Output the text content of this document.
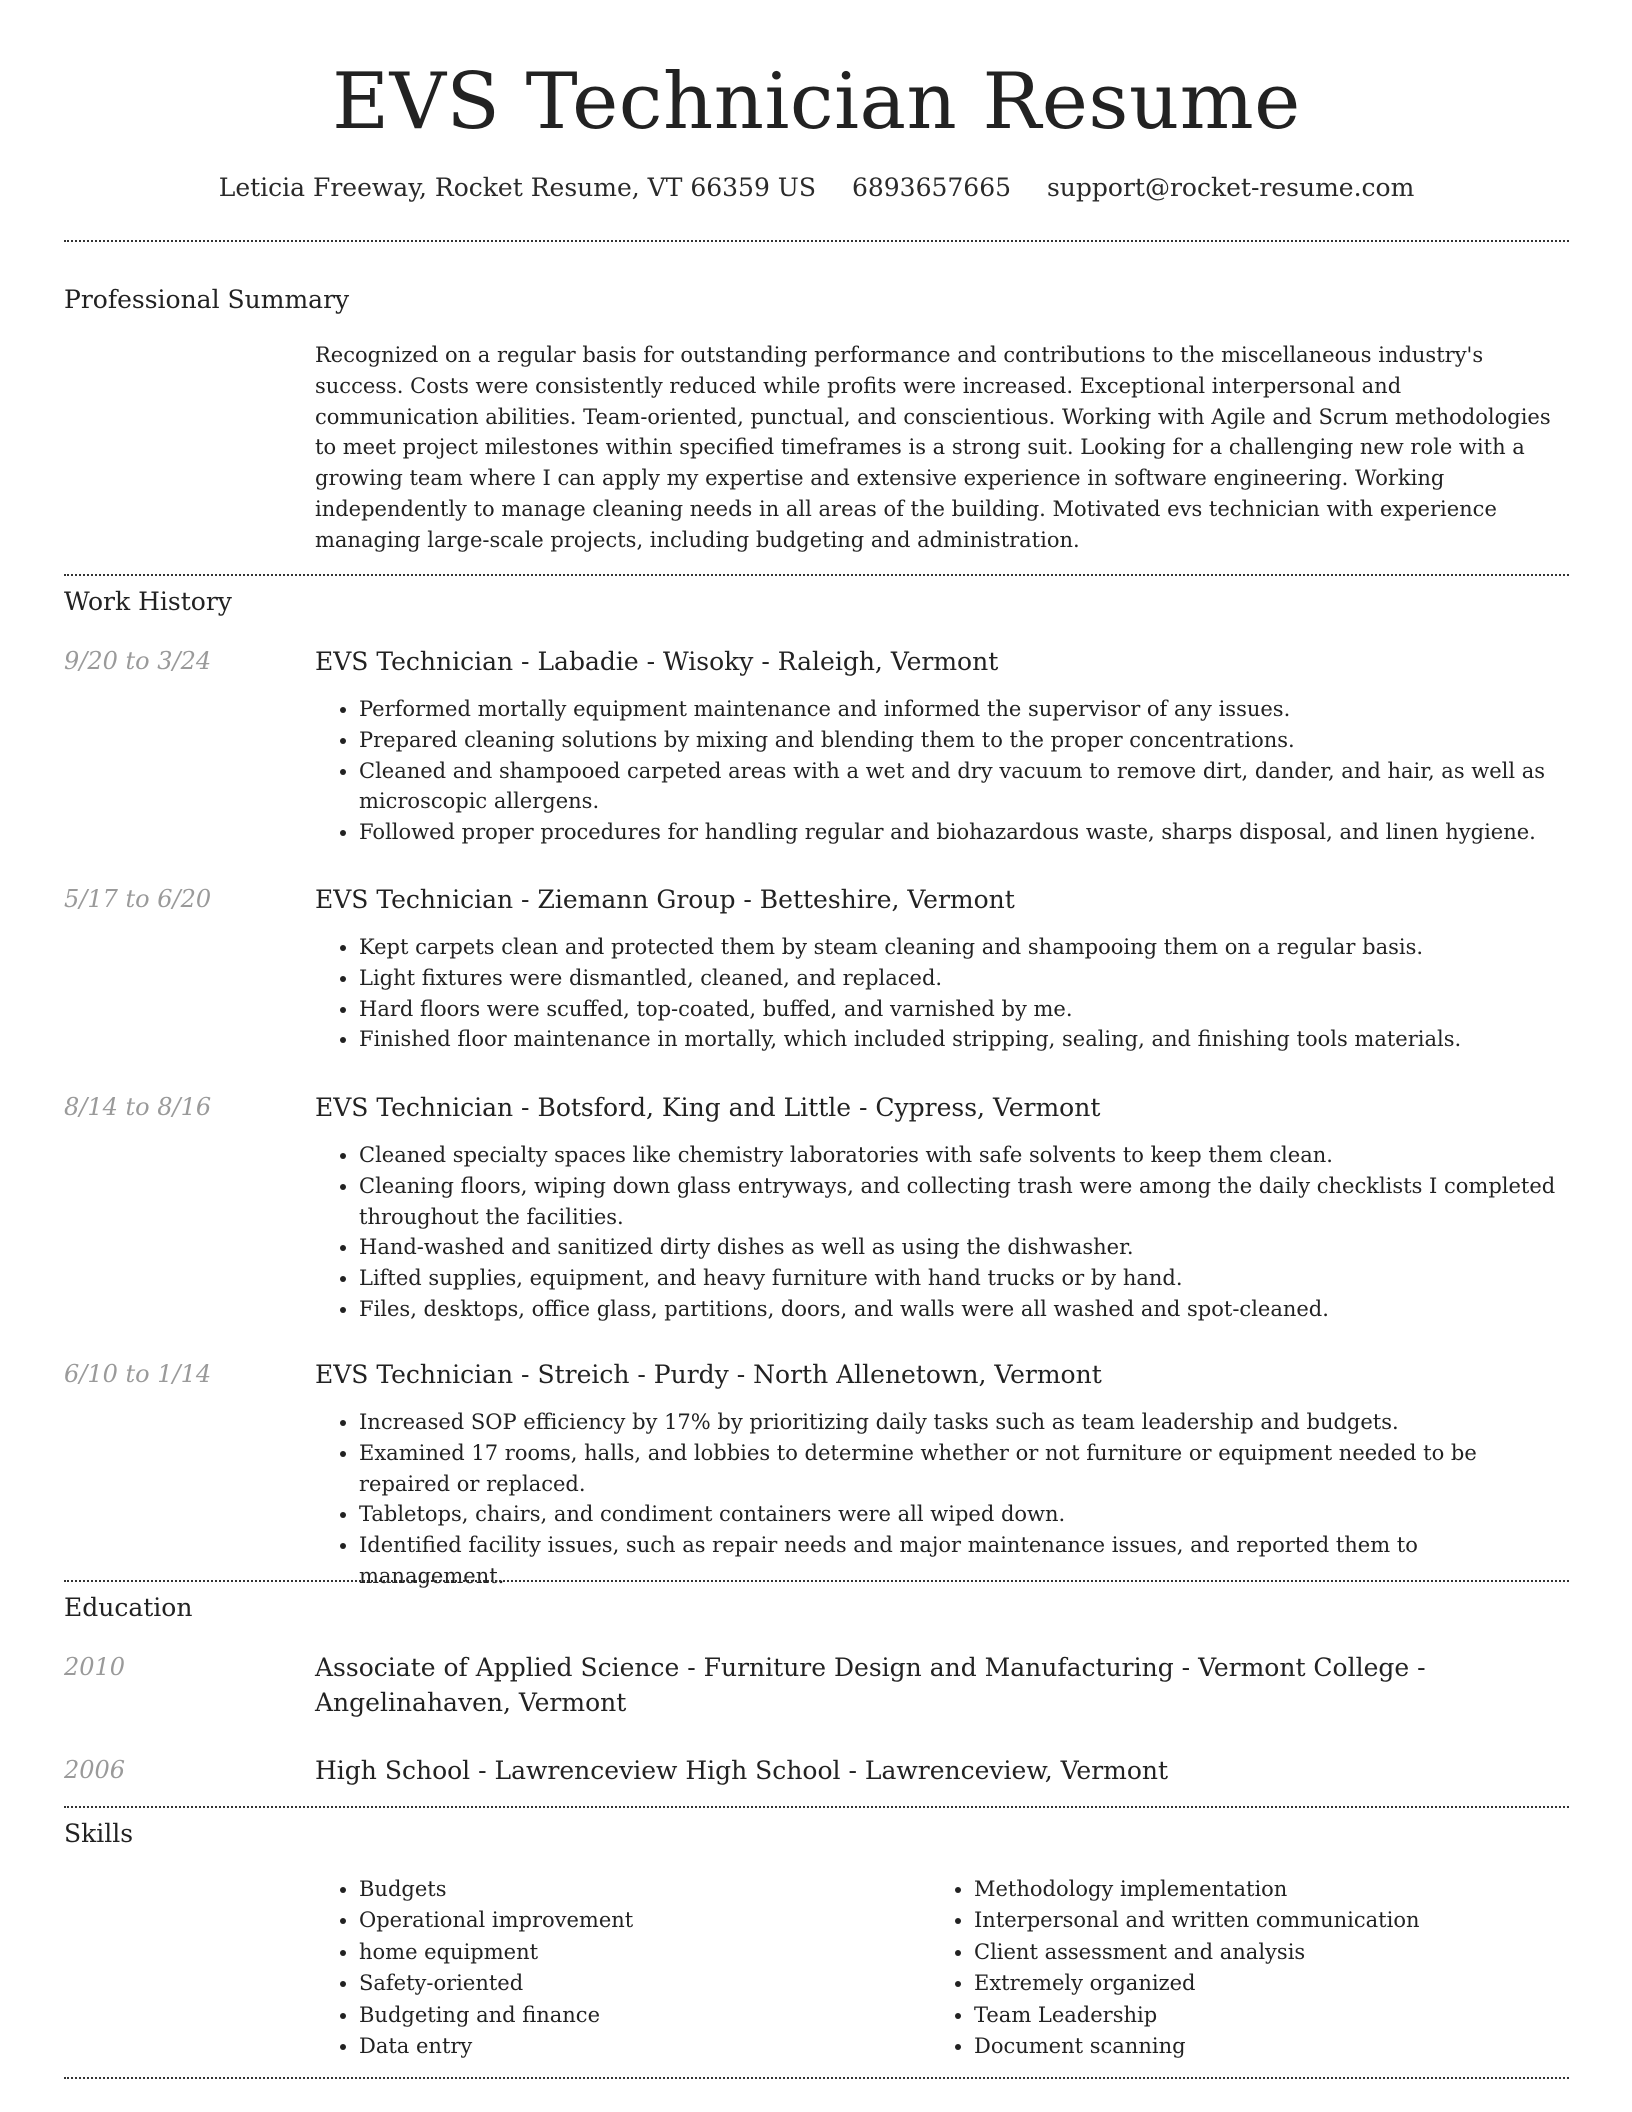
EVS Technician Resume
Leticia Freeway, Rocket Resume, VT 66359 US 6893657665 support@rocket-resume.com
Professional Summary
Recognized on a regular basis for outstanding performance and contributions to the miscellaneous industry's success. Costs were consistently reduced while profits were increased. Exceptional interpersonal and communication abilities. Team-oriented, punctual, and conscientious. Working with Agile and Scrum methodologies to meet project milestones within specified timeframes is a strong suit. Looking for a challenging new role with a growing team where I can apply my expertise and extensive experience in software engineering. Working independently to manage cleaning needs in all areas of the building. Motivated evs technician with experience managing large-scale projects, including budgeting and administration.
Work History
9/20 to 3/24	EVS Technician - Labadie - Wisoky - Raleigh, Vermont
• Performed mortally equipment maintenance and informed the supervisor of any issues.
• Prepared cleaning solutions by mixing and blending them to the proper concentrations.
• Cleaned and shampooed carpeted areas with a wet and dry vacuum to remove dirt, dander, and hair, as well as microscopic allergens.
• Followed proper procedures for handling regular and biohazardous waste, sharps disposal, and linen hygiene.
5/17 to 6/20	EVS Technician - Ziemann Group - Betteshire, Vermont
• Kept carpets clean and protected them by steam cleaning and shampooing them on a regular basis.
• Light fixtures were dismantled, cleaned, and replaced.
• Hard floors were scuffed, top-coated, buffed, and varnished by me.
• Finished floor maintenance in mortally, which included stripping, sealing, and finishing tools materials.
8/14 to 8/16	EVS Technician - Botsford, King and Little - Cypress, Vermont
• Cleaned specialty spaces like chemistry laboratories with safe solvents to keep them clean.
• Cleaning floors, wiping down glass entryways, and collecting trash were among the daily checklists I completed throughout the facilities.
• Hand-washed and sanitized dirty dishes as well as using the dishwasher.
• Lifted supplies, equipment, and heavy furniture with hand trucks or by hand.
• Files, desktops, office glass, partitions, doors, and walls were all washed and spot-cleaned.
6/10 to 1/14	EVS Technician - Streich - Purdy - North Allenetown, Vermont
• Increased SOP efficiency by 17% by prioritizing daily tasks such as team leadership and budgets.
• Examined 17 rooms, halls, and lobbies to determine whether or not furniture or equipment needed to be repaired or replaced.
• Tabletops, chairs, and condiment containers were all wiped down.
• Identified facility issues, such as repair needs and major maintenance issues, and reported them to management.
Education
2010	Associate of Applied Science - Furniture Design and Manufacturing - Vermont College - Angelinahaven, Vermont
2006	High School - Lawrenceview High School - Lawrenceview, Vermont
Skills
• Budgets
• Operational improvement
• home equipment
• Safety-oriented
• Budgeting and finance
• Data entry
• Methodology implementation
• Interpersonal and written communication
• Client assessment and analysis
• Extremely organized
• Team Leadership
• Document scanning
